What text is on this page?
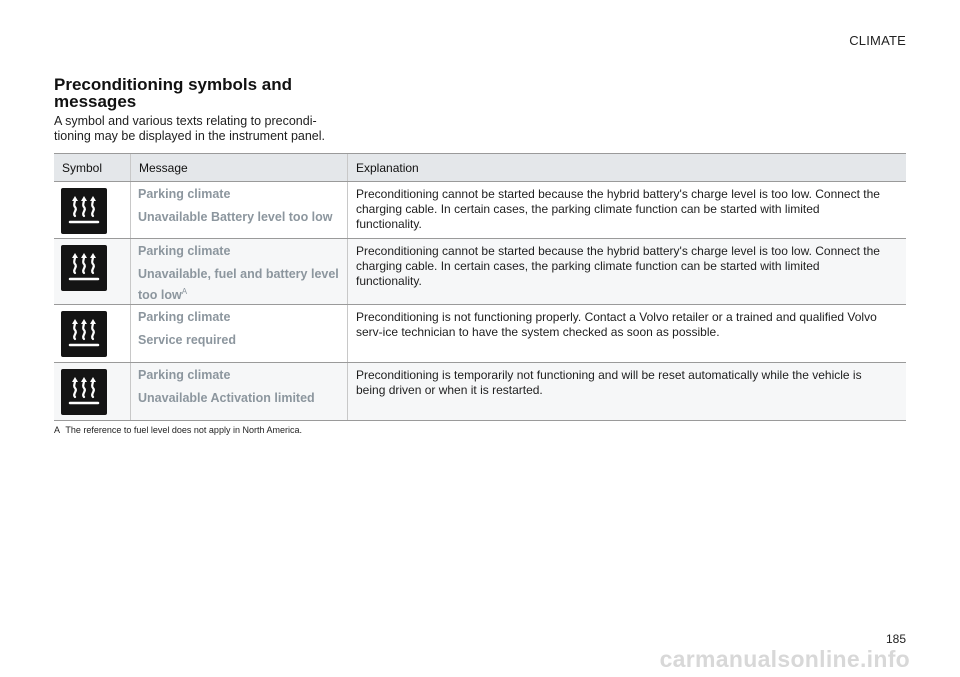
CLIMATE
Preconditioning symbols and messages

A symbol and various texts relating to precondi-tioning may be displayed in the instrument panel.

Symbol	Message	Explanation

Parking climate

Unavailable Battery level too low	Preconditioning cannot be started because the hybrid battery's charge level is too low. Connect the charging cable. In certain cases, the parking climate function can be started with limited functionality.

Parking climate

Unavailable, fuel and battery level too low$^A$	Preconditioning cannot be started because the hybrid battery's charge level is too low. Connect the charging cable. In certain cases, the parking climate function can be started with limited functionality.

Parking climate

Service required	Preconditioning is not functioning properly. Contact a Volvo retailer or a trained and qualified Volvo serv-ice technician to have the system checked as soon as possible.

Parking climate

Unavailable Activation limited	Preconditioning is temporarily not functioning and will be reset automatically while the vehicle is being driven or when it is restarted.
A The reference to fuel level does not apply in North America.
185
carmanualsonline.info
